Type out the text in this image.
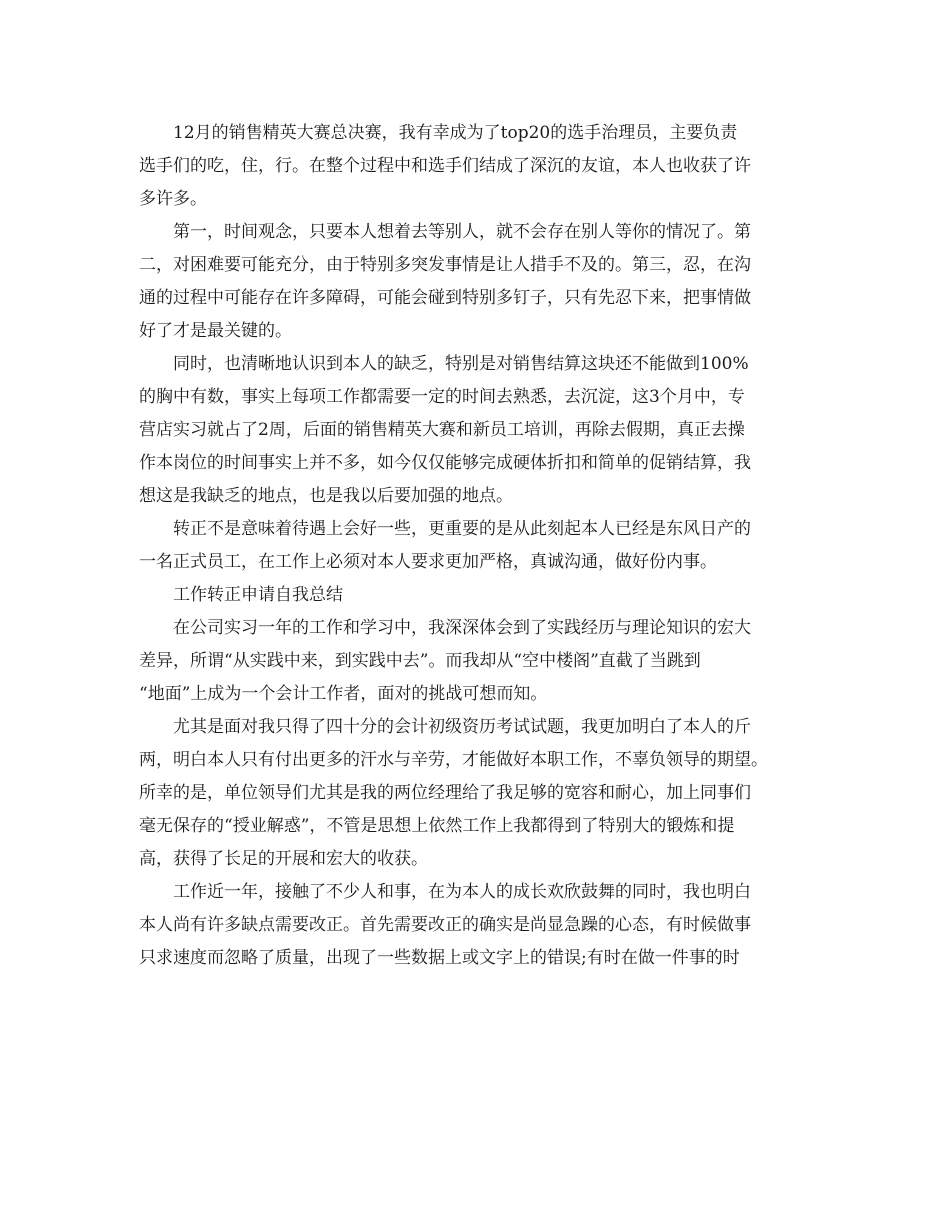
12月的销售精英大赛总决赛，我有幸成为了top20的选手治理员，主要负责
选手们的吃，住，行。在整个过程中和选手们结成了深沉的友谊，本人也收获了许
多许多。
第一，时间观念，只要本人想着去等别人，就不会存在别人等你的情况了。第
二，对困难要可能充分，由于特别多突发事情是让人措手不及的。第三，忍，在沟
通的过程中可能存在许多障碍，可能会碰到特别多钉子，只有先忍下来，把事情做
好了才是最关键的。
同时，也清晰地认识到本人的缺乏，特别是对销售结算这块还不能做到100%
的胸中有数，事实上每项工作都需要一定的时间去熟悉，去沉淀，这3个月中，专
营店实习就占了2周，后面的销售精英大赛和新员工培训，再除去假期，真正去操
作本岗位的时间事实上并不多，如今仅仅能够完成硬体折扣和简单的促销结算，我
想这是我缺乏的地点，也是我以后要加强的地点。
转正不是意味着待遇上会好一些，更重要的是从此刻起本人已经是东风日产的
一名正式员工，在工作上必须对本人要求更加严格，真诚沟通，做好份内事。
工作转正申请自我总结
在公司实习一年的工作和学习中，我深深体会到了实践经历与理论知识的宏大
差异，所谓“从实践中来，到实践中去”。而我却从“空中楼阁”直截了当跳到
“地面”上成为一个会计工作者，面对的挑战可想而知。
尤其是面对我只得了四十分的会计初级资历考试试题，我更加明白了本人的斤
两，明白本人只有付出更多的汗水与辛劳，才能做好本职工作，不辜负领导的期望。
所幸的是，单位领导们尤其是我的两位经理给了我足够的宽容和耐心，加上同事们
毫无保存的“授业解惑”，不管是思想上依然工作上我都得到了特别大的锻炼和提
高，获得了长足的开展和宏大的收获。
工作近一年，接触了不少人和事，在为本人的成长欢欣鼓舞的同时，我也明白
本人尚有许多缺点需要改正。首先需要改正的确实是尚显急躁的心态，有时候做事
只求速度而忽略了质量，出现了一些数据上或文字上的错误;有时在做一件事的时
